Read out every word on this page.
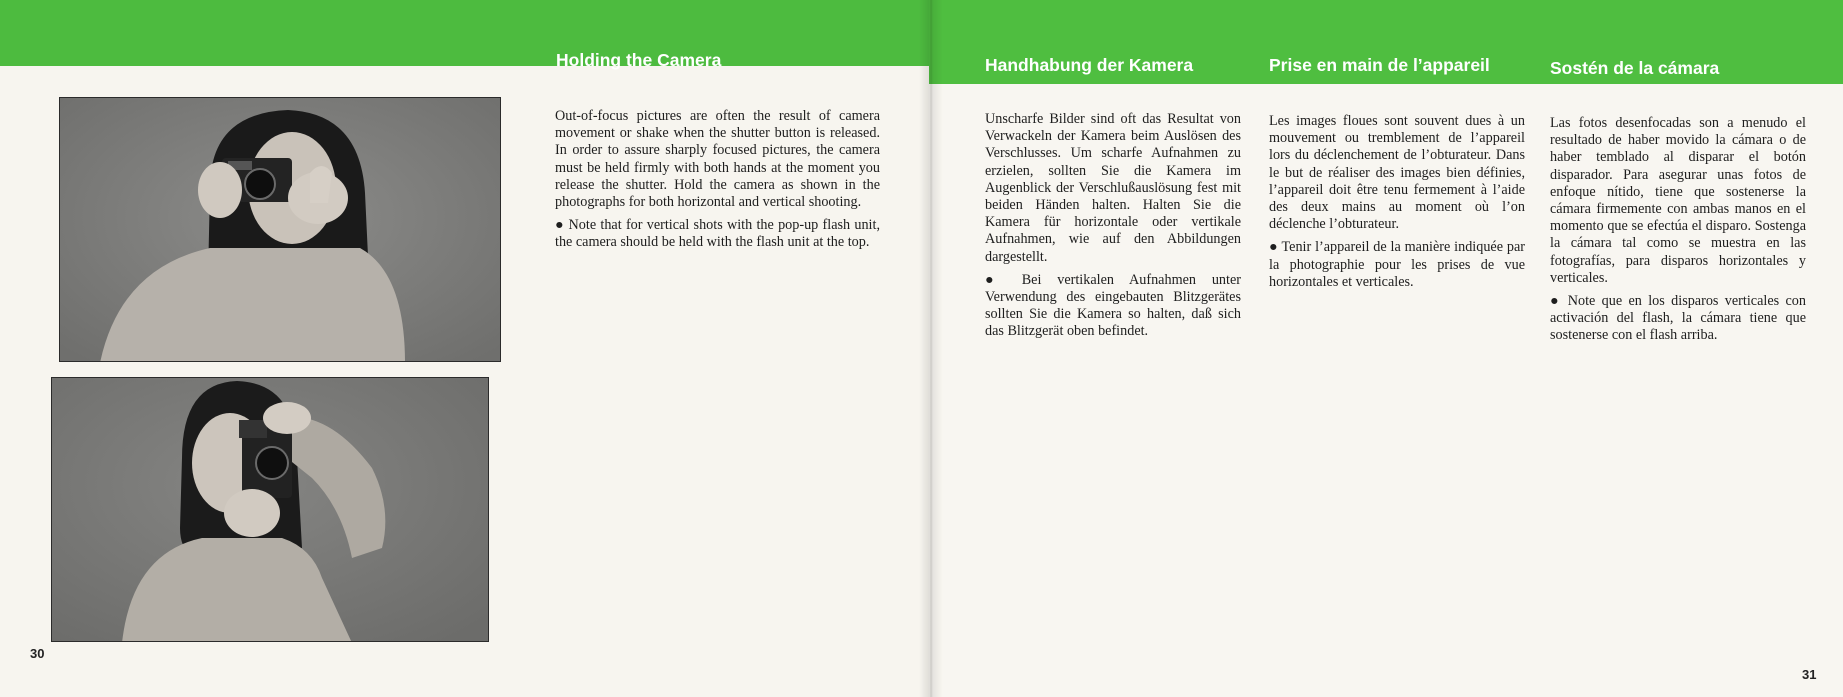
Holding the Camera

Out-of-focus pictures are often the result of camera movement or shake when the shutter button is released. In order to assure sharply focused pictures, the camera must be held firmly with both hands at the moment you release the shutter. Hold the camera as shown in the photographs for both horizontal and vertical shooting.

● Note that for vertical shots with the pop-up flash unit, the camera should be held with the flash unit at the top.

30
Handhabung der Kamera	Prise en main de l’appareil	Sostén de la cámara

Unscharfe Bilder sind oft das Resultat von Verwackeln der Kamera beim Auslösen des Verschlusses. Um scharfe Aufnahmen zu erzielen, sollten Sie die Kamera im Augenblick der Verschlußauslösung fest mit beiden Händen halten. Halten Sie die Kamera für horizontale oder vertikale Aufnahmen, wie auf den Abbildungen dargestellt.

● Bei vertikalen Aufnahmen unter Verwendung des eingebauten Blitzgerätes sollten Sie die Kamera so halten, daß sich das Blitzgerät oben befindet.

Les images floues sont souvent dues à un mouvement ou tremblement de l’appareil lors du déclenchement de l’obturateur. Dans le but de réaliser des images bien définies, l’appareil doit être tenu fermement à l’aide des deux mains au moment où l’on déclenche l’obturateur.

● Tenir l’appareil de la manière indiquée par la photographie pour les prises de vue horizontales et verticales.

Las fotos desenfocadas son a menudo el resultado de haber movido la cámara o de haber temblado al disparar el botón disparador. Para asegurar unas fotos de enfoque nítido, tiene que sostenerse la cámara firmemente con ambas manos en el momento que se efectúa el disparo. Sostenga la cámara tal como se muestra en las fotografías, para disparos horizontales y verticales.

● Note que en los disparos verticales con activación del flash, la cámara tiene que sostenerse con el flash arriba.

31
